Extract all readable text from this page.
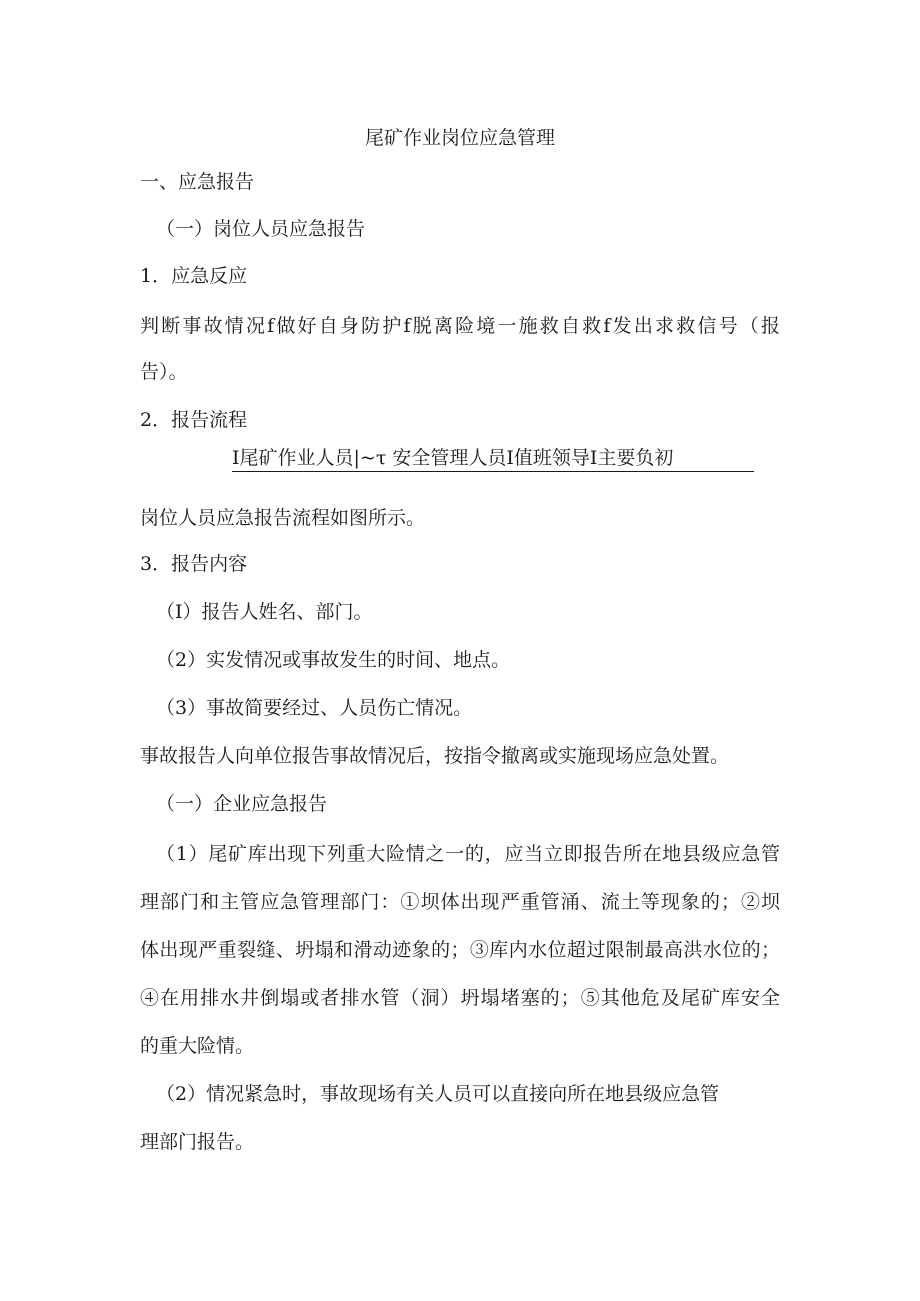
尾矿作业岗位应急管理
一、应急报告
（一）岗位人员应急报告
1．应急反应
判断事故情况f做好自身防护f脱离险境一施救自救f发出求救信号（报
告）。
2．报告流程
I尾矿作业人员|~τ 安全管理人员I值班领导I主要负初
岗位人员应急报告流程如图所示。
3．报告内容
（I）报告人姓名、部门。
（2）实发情况或事故发生的时间、地点。
（3）事故简要经过、人员伤亡情况。
事故报告人向单位报告事故情况后，按指令撤离或实施现场应急处置。
（一）企业应急报告
（1）尾矿库出现下列重大险情之一的，应当立即报告所在地县级应急管
理部门和主管应急管理部门：①坝体出现严重管涌、流土等现象的；②坝
体出现严重裂缝、坍塌和滑动迹象的；③库内水位超过限制最高洪水位的；
④在用排水井倒塌或者排水管（洞）坍塌堵塞的；⑤其他危及尾矿库安全
的重大险情。
（2）情况紧急时，事故现场有关人员可以直接向所在地县级应急管
理部门报告。
